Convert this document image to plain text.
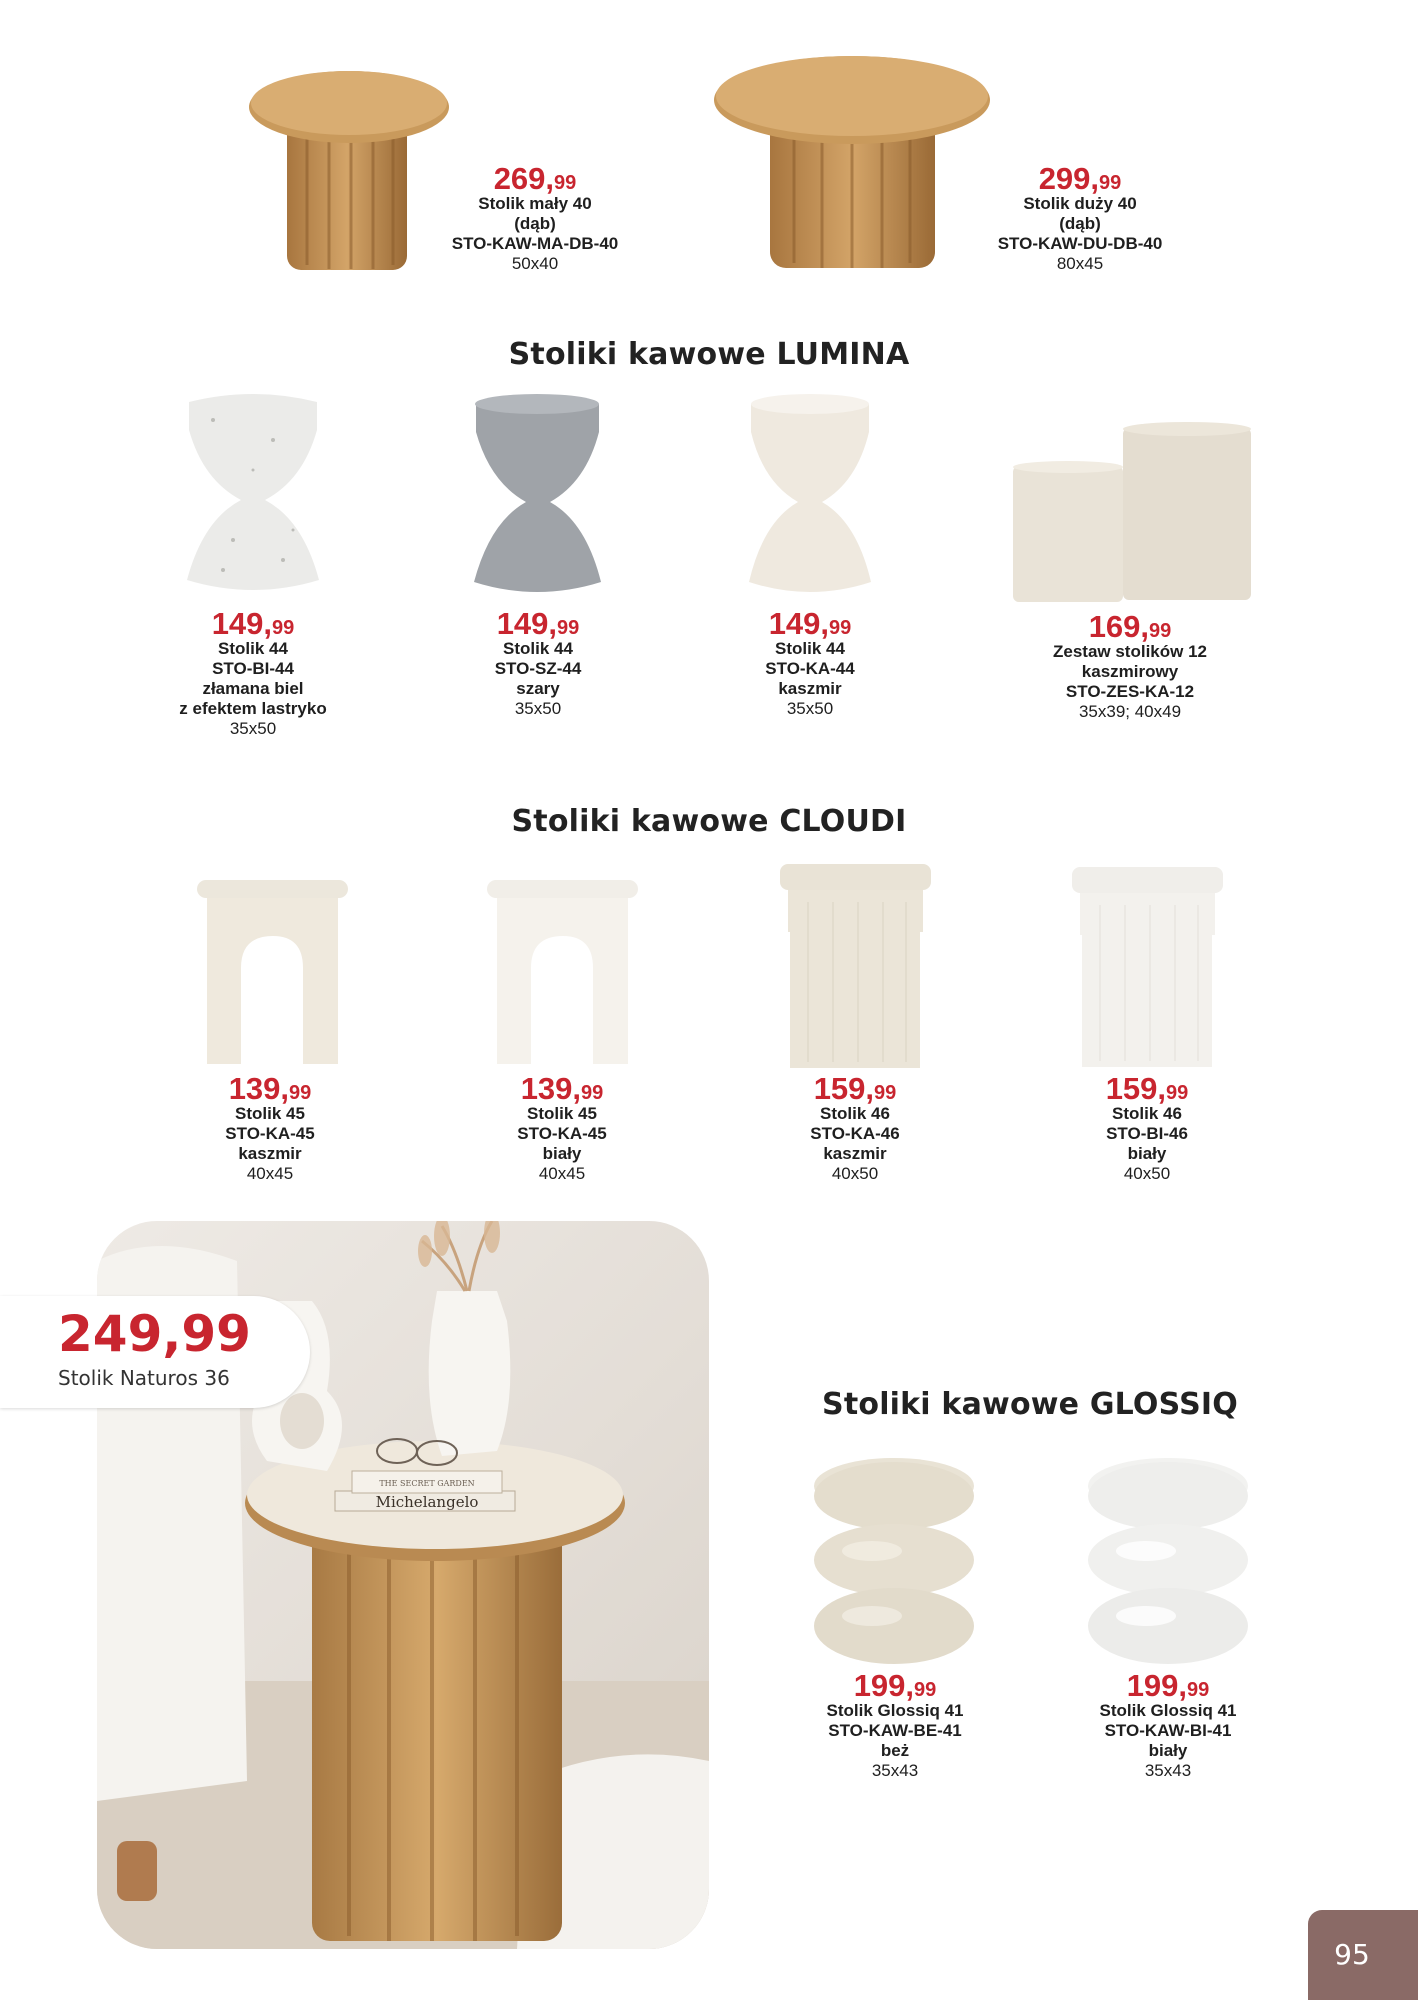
269,99
Stolik mały 40
(dąb)
STO-KAW-MA-DB-40
50x40
299,99
Stolik duży 40
(dąb)
STO-KAW-DU-DB-40
80x45
Stoliki kawowe LUMINA
149,99
Stolik 44
STO-BI-44
złamana biel
z efektem lastryko
35x50
149,99
Stolik 44
STO-SZ-44
szary
35x50
149,99
Stolik 44
STO-KA-44
kaszmir
35x50
169,99
Zestaw stolików 12
kaszmirowy
STO-ZES-KA-12
35x39; 40x49
Stoliki kawowe CLOUDI
139,99
Stolik 45
STO-KA-45
kaszmir
40x45
139,99
Stolik 45
STO-KA-45
biały
40x45
159,99
Stolik 46
STO-KA-46
kaszmir
40x50
159,99
Stolik 46
STO-BI-46
biały
40x50
Michelangelo
THE SECRET GARDEN
249,99
Stolik Naturos 36
Stoliki kawowe GLOSSIQ
199,99
Stolik Glossiq 41
STO-KAW-BE-41
beż
35x43
199,99
Stolik Glossiq 41
STO-KAW-BI-41
biały
35x43
95
